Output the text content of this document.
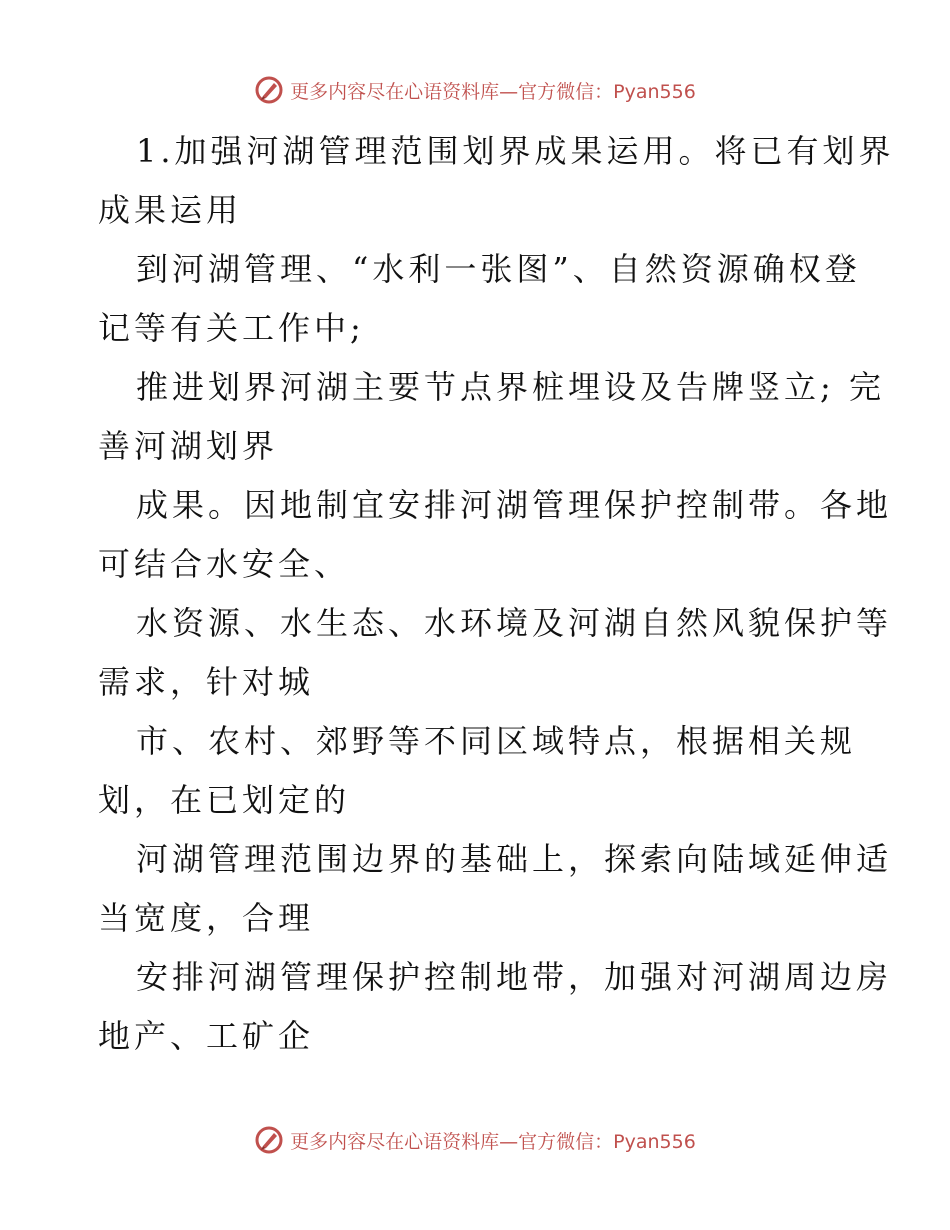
更多内容尽在心语资料库—官方微信：Pyan556
1.加强河湖管理范围划界成果运用。将已有划界
成果运用
到河湖管理、“水利一张图”、自然资源确权登
记等有关工作中;
推进划界河湖主要节点界桩埋设及告牌竖立; 完
善河湖划界
成果。因地制宜安排河湖管理保护控制带。各地
可结合水安全、
水资源、水生态、水环境及河湖自然风貌保护等
需求，针对城
市、农村、郊野等不同区域特点，根据相关规
划，在已划定的
河湖管理范围边界的基础上，探索向陆域延伸适
当宽度，合理
安排河湖管理保护控制地带，加强对河湖周边房
地产、工矿企
更多内容尽在心语资料库—官方微信：Pyan556
